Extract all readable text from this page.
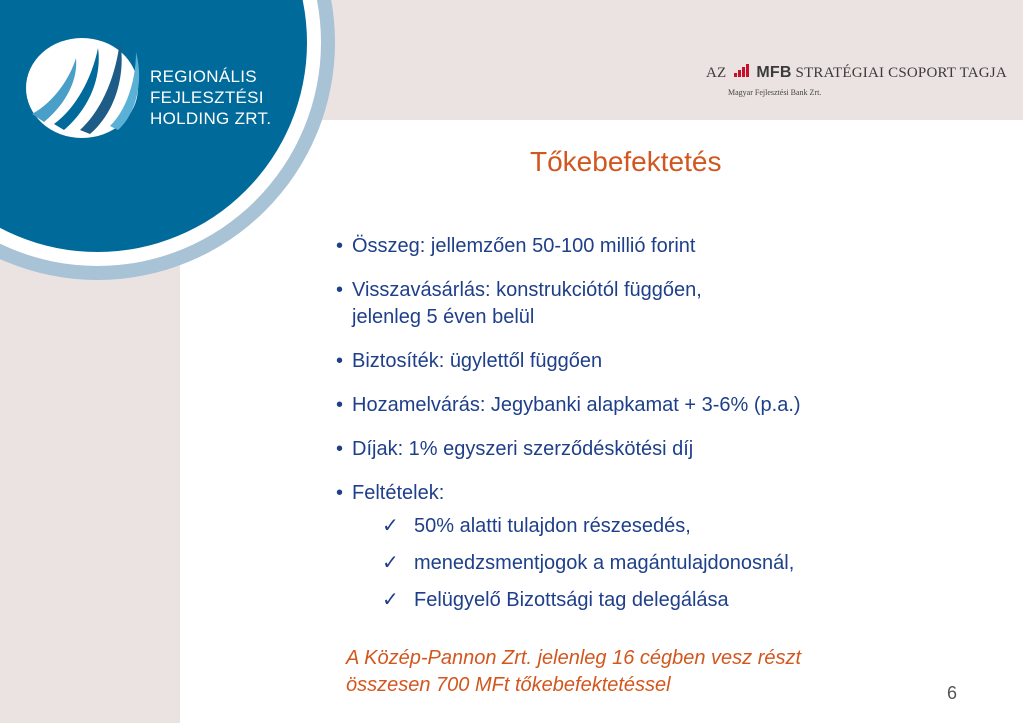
REGIONÁLIS
FEJLESZTÉSI
HOLDING ZRT.
AZ MFB STRATÉGIAI CSOPORT TAGJA
Magyar Fejlesztési Bank Zrt.
Tőkebefektetés
• Összeg: jellemzően 50-100 millió forint
• Visszavásárlás: konstrukciótól függően,
jelenleg 5 éven belül
• Biztosíték: ügylettől függően
• Hozamelvárás: Jegybanki alapkamat + 3-6% (p.a.)
• Díjak: 1% egyszeri szerződéskötési díj
• Feltételek:
✓ 50% alatti tulajdon részesedés,
✓ menedzsmentjogok a magántulajdonosnál,
✓ Felügyelő Bizottsági tag delegálása
A Közép-Pannon Zrt. jelenleg 16 cégben vesz részt
összesen 700 MFt tőkebefektetéssel	6
